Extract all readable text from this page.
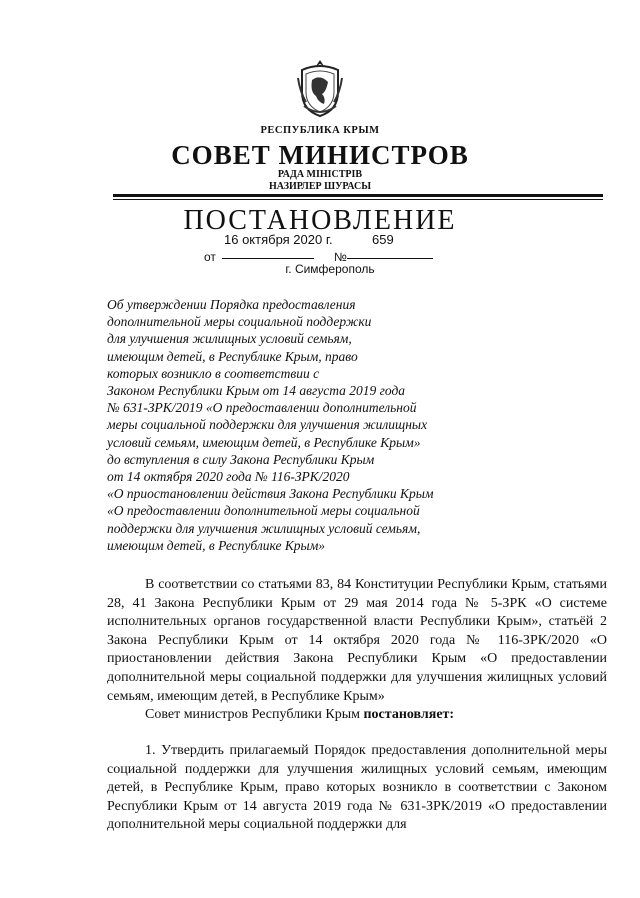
РЕСПУБЛИКА КРЫМ
СОВЕТ МИНИСТРОВ
РАДА МІНІСТРІВ
НАЗИРЛЕР ШУРАСЫ
ПОСТАНОВЛЕНИЕ
16 октября 2020 г.	659
от	№
г. Симферополь
Об утверждении Порядка предоставления
дополнительной меры социальной поддержки
для улучшения жилищных условий семьям,
имеющим детей, в Республике Крым, право
которых возникло в соответствии с
Законом Республики Крым от 14 августа 2019 года
№ 631-ЗРК/2019 «О предоставлении дополнительной
меры социальной поддержки для улучшения жилищных
условий семьям, имеющим детей, в Республике Крым»
до вступления в силу Закона Республики Крым
от 14 октября 2020 года № 116-ЗРК/2020
«О приостановлении действия Закона Республики Крым
«О предоставлении дополнительной меры социальной
поддержки для улучшения жилищных условий семьям,
имеющим детей, в Республике Крым»

В соответствии со статьями 83, 84 Конституции Республики Крым, статьями 28, 41 Закона Республики Крым от 29 мая 2014 года № 5-ЗРК «О системе исполнительных органов государственной власти Республики Крым», статьёй 2 Закона Республики Крым от 14 октября 2020 года № 116-ЗРК/2020 «О приостановлении действия Закона Республики Крым «О предоставлении дополнительной меры социальной поддержки для улучшения жилищных условий семьям, имеющим детей, в Республике Крым»

Совет министров Республики Крым постановляет:

1. Утвердить прилагаемый Порядок предоставления дополнительной меры социальной поддержки для улучшения жилищных условий семьям, имеющим детей, в Республике Крым, право которых возникло в соответствии с Законом Республики Крым от 14 августа 2019 года № 631-ЗРК/2019 «О предоставлении дополнительной меры социальной поддержки для
